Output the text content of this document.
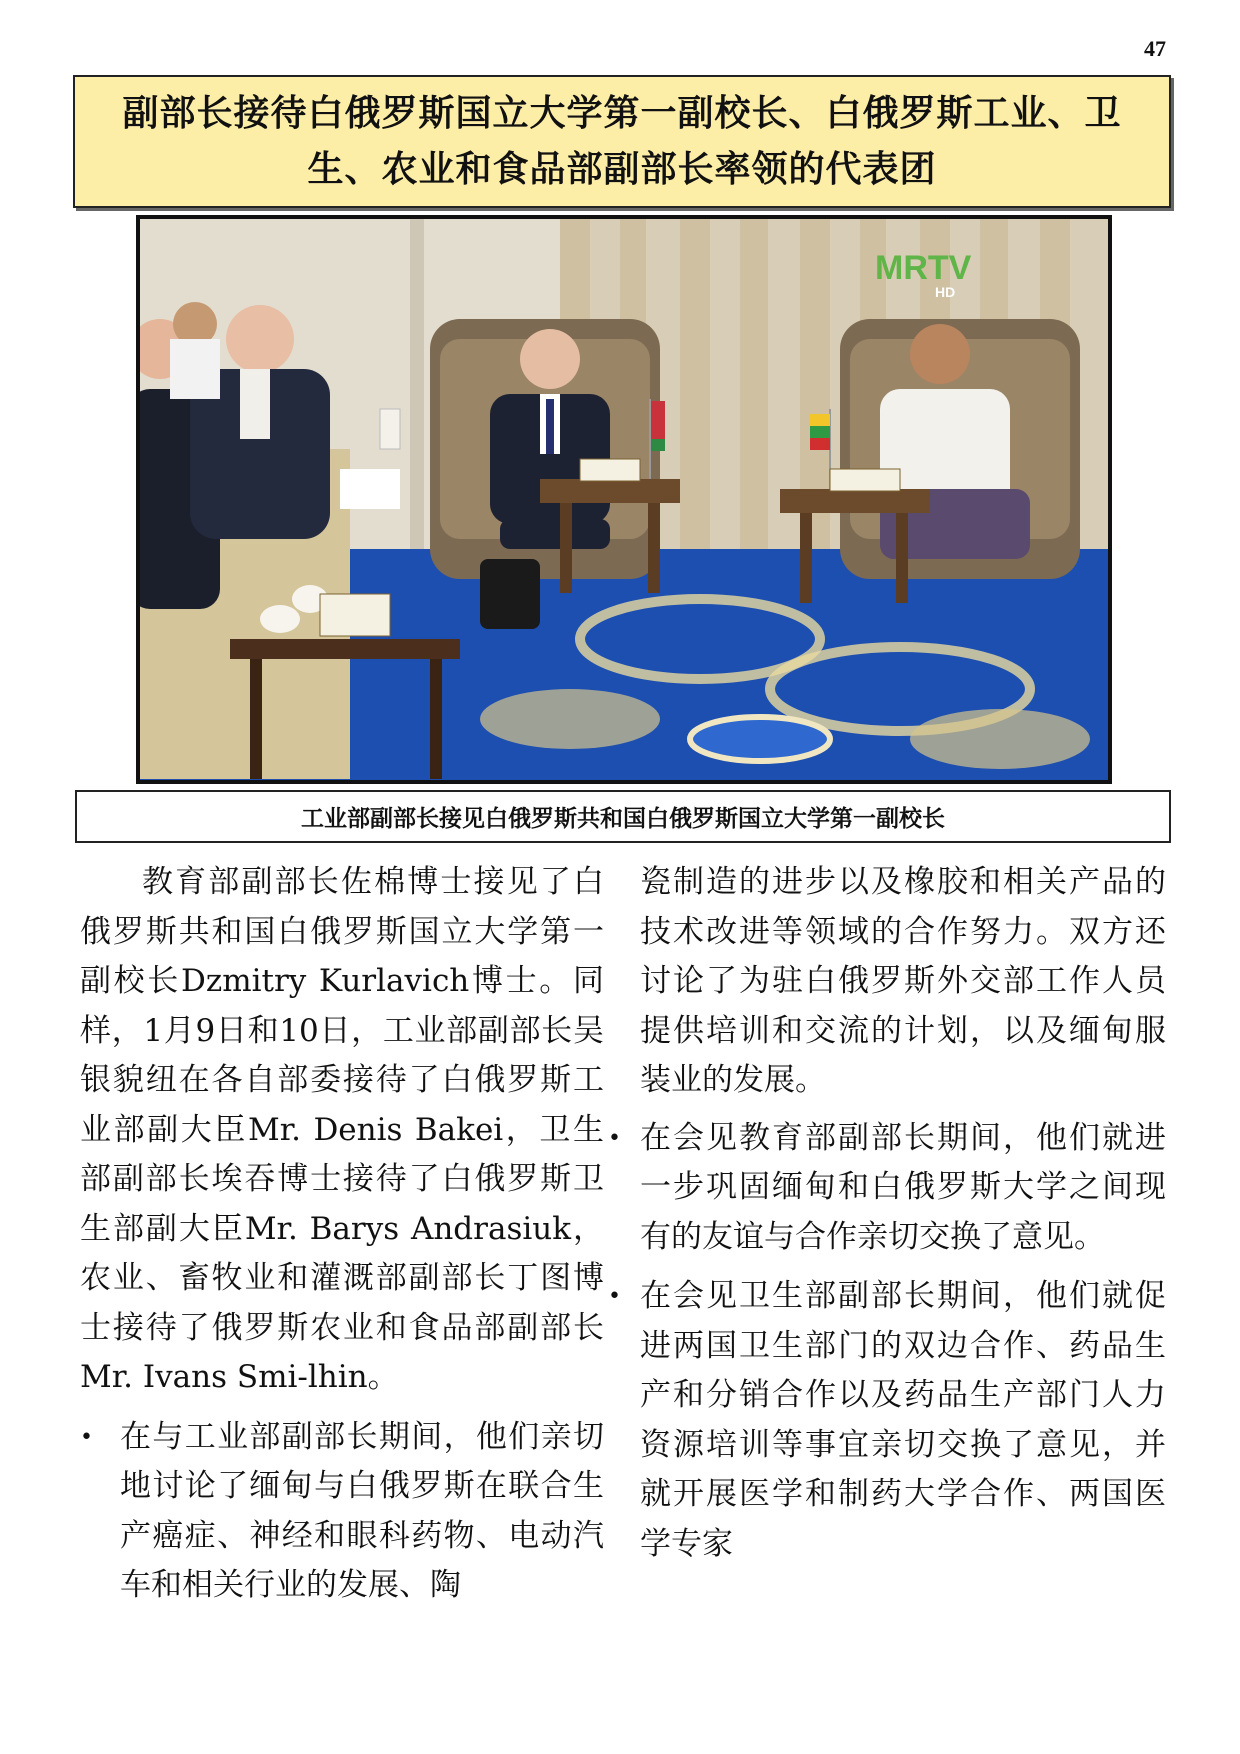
47
副部长接待白俄罗斯国立大学第一副校长、白俄罗斯工业、卫生、农业和食品部副部长率领的代表团
MRTV
HD
工业部副部长接见白俄罗斯共和国白俄罗斯国立大学第一副校长

教育部副部长佐棉博士接见了白俄罗斯共和国白俄罗斯国立大学第一副校长Dzmitry Kurlavich博士。同样，1月9日和10日，工业部副部长吴银貌纽在各自部委接待了白俄罗斯工业部副大臣Mr. Denis Bakei，卫生部副部长埃吞博士接待了白俄罗斯卫生部副大臣Mr. Barys Andrasiuk，农业、畜牧业和灌溉部副部长丁图博士接待了俄罗斯农业和食品部副部长Mr. Ivans Smi-lhin。

• 在与工业部副部长期间，他们亲切地讨论了缅甸与白俄罗斯在联合生产癌症、神经和眼科药物、电动汽车和相关行业的发展、陶

瓷制造的进步以及橡胶和相关产品的技术改进等领域的合作努力。双方还讨论了为驻白俄罗斯外交部工作人员提供培训和交流的计划，以及缅甸服装业的发展。

• 在会见教育部副部长期间，他们就进一步巩固缅甸和白俄罗斯大学之间现有的友谊与合作亲切交换了意见。
• 在会见卫生部副部长期间，他们就促进两国卫生部门的双边合作、药品生产和分销合作以及药品生产部门人力资源培训等事宜亲切交换了意见，并就开展医学和制药大学合作、两国医学专家
